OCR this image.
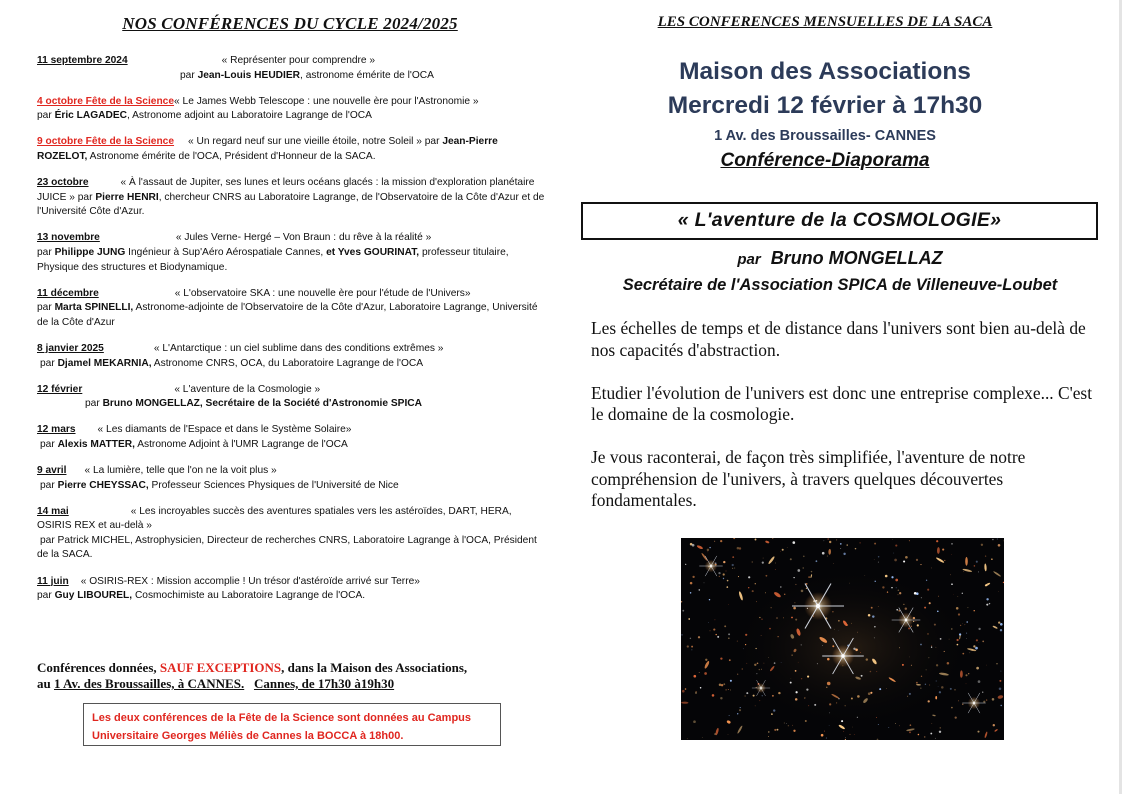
NOS CONFÉRENCES DU CYCLE 2024/2025
11 septembre 2024	« Représenter pour comprendre »
par Jean-Louis HEUDIER, astronome émérite de l'OCA
4 octobre Fête de la Science« Le James Webb Telescope : une nouvelle ère pour l'Astronomie »
par Éric LAGADEC, Astronome adjoint au Laboratoire Lagrange de l'OCA
9 octobre Fête de la Science « Un regard neuf sur une vieille étoile, notre Soleil » par Jean-Pierre ROZELOT, Astronome émérite de l'OCA, Président d'Honneur de la SACA.
23 octobre	« À l'assaut de Jupiter, ses lunes et leurs océans glacés : la mission d'exploration planétaire JUICE » par Pierre HENRI, chercheur CNRS au Laboratoire Lagrange, de l'Observatoire de la Côte d'Azur et de l'Université Côte d'Azur.
13 novembre	« Jules Verne- Hergé – Von Braun : du rêve à la réalité »
par Philippe JUNG Ingénieur à Sup'Aéro Aérospatiale Cannes, et Yves GOURINAT, professeur titulaire, Physique des structures et Biodynamique.
11 décembre	« L'observatoire SKA : une nouvelle ère pour l'étude de l'Univers»
par Marta SPINELLI, Astronome-adjointe de l'Observatoire de la Côte d'Azur, Laboratoire Lagrange, Université de la Côte d'Azur
8 janvier 2025	« L'Antarctique : un ciel sublime dans des conditions extrêmes »
par Djamel MEKARNIA, Astronome CNRS, OCA, du Laboratoire Lagrange de l'OCA
12 février	« L'aventure de la Cosmologie »
par Bruno MONGELLAZ, Secrétaire de la Société d'Astronomie SPICA
12 mars « Les diamants de l'Espace et dans le Système Solaire»
par Alexis MATTER, Astronome Adjoint à l'UMR Lagrange de l'OCA
9 avril « La lumière, telle que l'on ne la voit plus »
par Pierre CHEYSSAC, Professeur Sciences Physiques de l'Université de Nice
14 mai	« Les incroyables succès des aventures spatiales vers les astéroïdes, DART, HERA, OSIRIS REX et au-delà »
par Patrick MICHEL, Astrophysicien, Directeur de recherches CNRS, Laboratoire Lagrange à l'OCA, Président de la SACA.
11 juin « OSIRIS-REX : Mission accomplie ! Un trésor d'astéroïde arrivé sur Terre»
par Guy LIBOUREL, Cosmochimiste au Laboratoire Lagrange de l'OCA.
Conférences données, SAUF EXCEPTIONS, dans la Maison des Associations,
au 1 Av. des Broussailles, à CANNES. Cannes, de 17h30 à19h30
Les deux conférences de la Fête de la Science sont données au Campus
Universitaire Georges Méliès de Cannes la BOCCA à 18h00.
LES CONFERENCES MENSUELLES DE LA SACA
Maison des Associations
Mercredi 12 février à 17h30
1 Av. des Broussailles- CANNES
Conférence-Diaporama
« L'aventure de la COSMOLOGIE»
par Bruno MONGELLAZ
Secrétaire de l'Association SPICA de Villeneuve-Loubet

Les échelles de temps et de distance dans l'univers sont bien au-delà de nos capacités d'abstraction.

Etudier l'évolution de l'univers est donc une entreprise complexe... C'est le domaine de la cosmologie.

Je vous raconterai, de façon très simplifiée, l'aventure de notre compréhension de l'univers, à travers quelques découvertes fondamentales.
